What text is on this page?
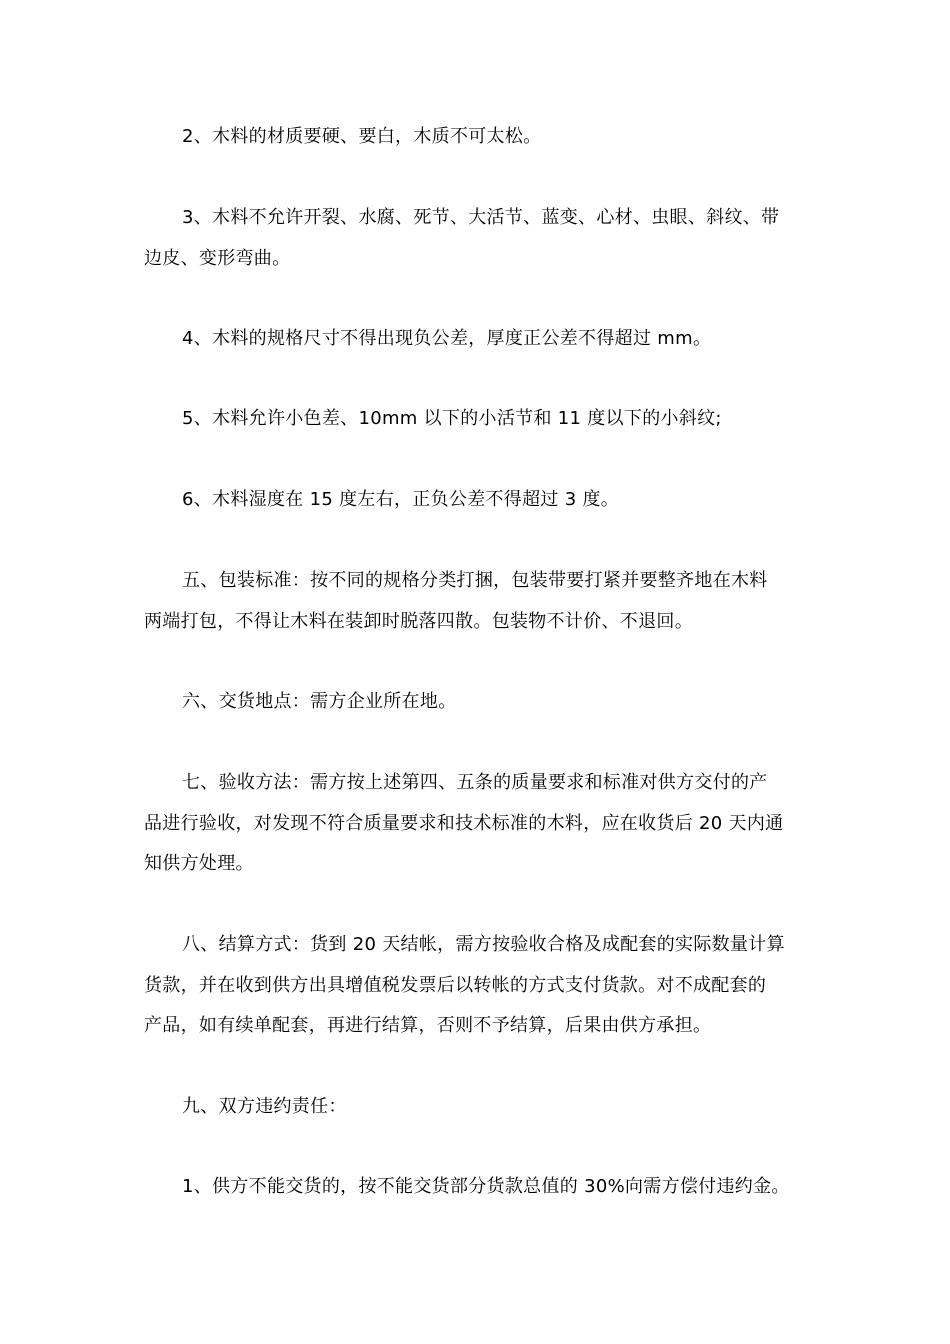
2、木料的材质要硬、要白，木质不可太松。

3、木料不允许开裂、水腐、死节、大活节、蓝变、心材、虫眼、斜纹、带
边皮、变形弯曲。

4、木料的规格尺寸不得出现负公差，厚度正公差不得超过 mm。

5、木料允许小色差、10mm 以下的小活节和 11 度以下的小斜纹;

6、木料湿度在 15 度左右，正负公差不得超过 3 度。

五、包装标准：按不同的规格分类打捆，包装带要打紧并要整齐地在木料
两端打包，不得让木料在装卸时脱落四散。包装物不计价、不退回。

六、交货地点：需方企业所在地。

七、验收方法：需方按上述第四、五条的质量要求和标准对供方交付的产
品进行验收，对发现不符合质量要求和技术标准的木料，应在收货后 20 天内通
知供方处理。

八、结算方式：货到 20 天结帐，需方按验收合格及成配套的实际数量计算
货款，并在收到供方出具增值税发票后以转帐的方式支付货款。对不成配套的
产品，如有续单配套，再进行结算，否则不予结算，后果由供方承担。

九、双方违约责任：

1、供方不能交货的，按不能交货部分货款总值的 30%向需方偿付违约金。
